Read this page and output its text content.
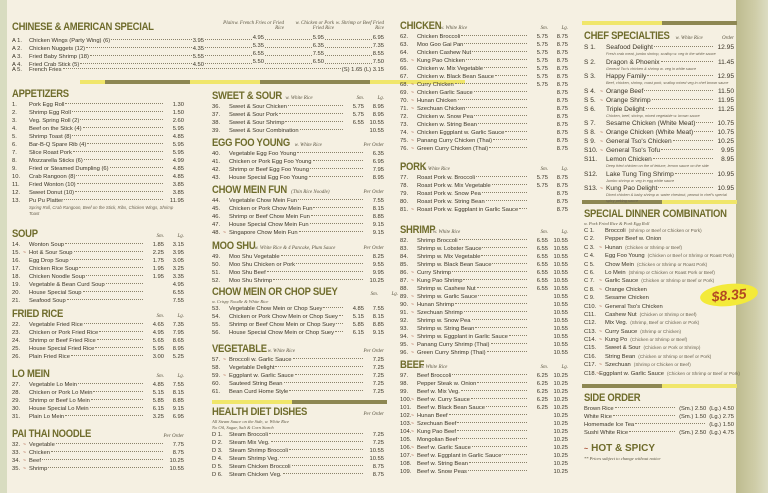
CHINESE & AMERICAN SPECIAL	Plain w. French Fries or Fried Rice
w. Chicken or Pork Fried Rice
w. Shrimp or Beef Fried Rice
A 1. Chicken Wings (Party Wing) (6)	3.95	4.95	5.95	6.95
A 2. Chicken Nuggets (12)	4.35	5.35	6.35	7.35
A 3. Fried Baby Shrimp (18)	5.55	6.55	7.55	8.55
A 4. Fried Crab Stick (5)	4.50	5.50	6.50	7.50
A 5. French Fries	(S) 1.65 (L) 3.15
APPETIZERS
1.	Pork Egg Roll	1.30
2.	Shrimp Egg Roll	1.50
3.	Veg. Spring Roll (2)	2.60
4.	Beef on the Stick (4)	5.95
5.	Shrimp Toast (8)	4.85
6.	Bar-B-Q Spare Rib (4)	5.95
7.	Slice Roast Pork	5.95
8.	Mozzarella Sticks (6)	4.99
9.	Fried or Steamed Dumpling (6)	4.85
10.	Crab Rangoon (8)	4.85
11.	Fried Wonton (10)	3.85
12.	Sweet Donut (10)	3.85
13.	Pu Pu Platter	11.95
Spring Roll, Crab Rangoon, Beef on the Stick, Ribs, Chicken Wings, Shrimp Toast
SOUP	Sm.	Lg.
14.	Wonton Soup	1.85	3.15
15. ~ Hot & Sour Soup	2.25	3.95
16.	Egg Drop Soup	1.75	3.05
17.	Chicken Rice Soup	1.95	3.25
18.	Chicken Noodle Soup	1.95	3.35
19.	Vegetable & Bean Curd Soup	4.95
20.	House Special Soup	6.55
21.	Seafood Soup	7.55
FRIED RICE	Sm.	Lg.
22.	Vegetable Fried Rice	4.65	7.35
23.	Chicken or Pork Fried Rice	4.95	7.95
24.	Shrimp or Beef Fried Rice	5.65	8.65
25.	House Special Fried Rice	5.95	8.95
26.	Plain Fried Rice	3.00	5.25
LO MEIN	Sm.	Lg.
27.	Vegetable Lo Mein	4.85	7.55
28.	Chicken or Pork Lo Mein	5.15	8.15
29.	Shrimp or Beef Lo Mein	5.85	8.85
30.	House Special Lo Mein	6.15	9.15
31.	Plain Lo Mein	3.25	6.95
PAI THAI NOODLE	Per Order
32. ~ Vegetable	7.75
33. ~ Chicken	8.75
34. ~ Beef	10.25
35. ~ Shrimp	10.55
SWEET & SOUR w. White Rice	Sm.	Lg.
36.	Sweet & Sour Chicken	5.75	8.95
37.	Sweet & Sour Pork	5.75	8.95
38.	Sweet & Sour Shrimp	6.55 10.55
39.	Sweet & Sour Combination	10.55
EGG FOO YOUNG w. White Rice	Per Order
40.	Vegetable Egg Foo Young	6.35
41.	Chicken or Pork Egg Foo Young	6.95
42.	Shrimp or Beef Egg Foo Young	7.95
43.	House Special Egg Foo Young	8.95
CHOW MEIN FUN (Thin Rice Noodle)	Per Order
44.	Vegetable Chow Mein Fun	7.55
45.	Chicken or Pork Chow Mein Fun	8.15
46.	Shrimp or Beef Chow Mein Fun	8.85
47.	House Special Chow Mein Fun	9.15
48. ~ Singapore Chow Mein Fun	9.15
MOO SHU w. White Rice & 4 Pancake, Plum Sauce	Per Order
49.	Moo Shu Vegetable	8.25
50.	Moo Shu Chicken or Pork	9.55
51.	Moo Shu Beef	9.95
52.	Moo Shu Shrimp	10.25
CHOW MEIN OR CHOP SUEY	Sm.	Lg.
w. Crispy Noodle & White Rice
53.	Vegetable Chow Mein or Chop Suey	4.85	7.55
54.	Chicken or Pork Chow Mein or Chop Suey	5.15	8.15
55.	Shrimp or Beef Chow Mein or Chop Suey	5.85	8.85
56.	House Special Chow Mein or Chop Suey	6.15	9.15
VEGETABLE w. White Rice	Per Order
57. ~ Broccoli w. Garlic Sauce	7.25
58.	Vegetable Delight	7.25
59. ~ Eggplant w. Garlic Sauce	7.25
60.	Sauteed String Bean	7.25
61.	Bean Curd Home Style	7.25
HEALTH DIET DISHES	Per Order
All Steam Sauce on the Side, w. White Rice
No Oil, Sugar, Salt & Corn Starch
D 1. Steam Broccoli	7.25
D 2. Steam Mix Veg.	7.25
D 3. Steam Shrimp Broccoli	10.55
D 4. Steam Shrimp Veg.	10.55
D 5. Steam Chicken Broccoli	8.75
D 6. Steam Chicken Veg.	8.75
CHICKEN
w. White Rice	Sm.	Lg.
62.	Chicken Broccoli	5.75	8.75
63.	Moo Goo Gai Pan	5.75	8.75
64.	Chicken Cashew Nut	5.75	8.75
65. ~ Kung Pao Chicken	5.75	8.75
66.	Chicken w. Mix Vegetable	5.75	8.75
67.	Chicken w. Black Bean Sauce	5.75	8.75
68. ~ Curry Chicken	5.75	8.75
69. ~ Chicken Garlic Sauce	8.75
70. ~ Hunan Chicken	8.75
71. ~ Szechuan Chicken	8.75
72.	Chicken w. Snow Pea	8.75
73.	Chicken w. String Bean	8.75
74. ~ Chicken Eggplant w. Garlic Sauce	8.75
75. ~ Panang Curry Chicken (Thai)	8.75
76. ~ Green Curry Chicken (Thai)	8.75
PORK
w. White Rice	Sm.	Lg.
77.	Roast Pork w. Broccoli	5.75	8.75
78.	Roast Pork w. Mix Vegetable	5.75	8.75
79.	Roast Pork w. Snow Pea	8.75
80.	Roast Pork w. String Bean	8.75
81. ~ Roast Pork w. Eggplant in Garlic Sauce	8.75
SHRIMP
w. White Rice	Sm.	Lg.
82.	Shrimp Broccoli	6.55 10.55
83.	Shrimp w. Lobster Sauce	6.55 10.55
84.	Shrimp w. Mix Vegetable	6.55 10.55
85.	Shrimp w. Black Bean Sauce	6.55 10.55
86. ~ Curry Shrimp	6.55 10.55
87. ~ Kung Pao Shrimp	6.55 10.55
88.	Shrimp w. Cashew Nut	6.55 10.55
89. ~ Shrimp w. Garlic Sauce	10.55
90. ~ Hunan Shrimp	10.55
91. ~ Szechuan Shrimp	10.55
92.	Shrimp w. Snow Pea	10.55
93.	Shrimp w. String Bean	10.55
94. ~ Shrimp w. Eggplant in Garlic Sauce	10.55
95. ~ Panang Curry Shrimp (Thai)	10.55
96. ~ Green Curry Shrimp (Thai)	10.55
BEEF
w. White Rice	Sm.	Lg.
97.	Beef Broccoli	6.25 10.25
98.	Pepper Steak w. Onion	6.25 10.25
99.	Beef w. Mix Veg.	6.25 10.25
100. ~ Beef w. Curry Sauce	6.25 10.25
101. Beef w. Black Bean Sauce	6.25 10.25
102. ~ Hunan Beef	10.25
103. ~ Szechuan Beef	10.25
104. ~ Kung Pao Beef	10.25
105. Mongolian Beef	10.25
106. ~ Beef w. Garlic Sauce	10.25
107. ~ Beef w. Eggplant in Garlic Sauce	10.25
108. Beef w. String Bean	10.25
109. Beef w. Snow Peas	10.25
CHEF SPECIALTIES w. White Rice	Order
S 1.	Seafood Delight	12.95
Fresh crab meat, jumbo shrimp, scallop w. veg in the white sauce
S 2.	Dragon & Phoenix	11.45
General Tso's chicken & shrimp w. veg in white sauce
S 3.	Happy Family	12.95
Beef, chicken, shrimp, roast pork, scallop mixed veg in chef brown sauce
S 4. ~ Orange Beef	11.50
S 5. ~ Orange Shrimp	11.95
S 6.	Triple Delight	11.25
Chicken, beef, shrimp, mixed vegetable w. brown sauce
S 7.	Sesame Chicken (White Meat)	10.75
S 8. ~ Orange Chicken (White Meat)	10.75
S 9. ~ General Tso's Chicken	10.25
S10. ~ General Tso's Tofu	9.95
S11.	Lemon Chicken	8.95
Deep fried chicken on the of lettuce, lemon sauce on the side
S12.	Lake Tung Ting Shrimp	10.95
Jumbo shrimp w. veg in egg white sauce
S13. ~ Kung Pao Delight	10.95
Diced chicken & baby shrimp w. water chestnut, peanut in chef's special spicy peking sauce
SPECIAL DINNER COMBINATION
w. Pork Fried Rice & Pork Egg Roll
C 1.	Broccoli (Shrimp or Beef or Chicken or Pork)
C 2.	Pepper Beef w. Onion
C 3. ~ Hunan (Chicken or Shrimp or Beef)
C 4.	Egg Foo Young (Chicken or Beef or Shrimp or Roast Pork)
C 5.	Chow Mein (Chicken or Shrimp or Roast Pork)
C 6.	Lo Mein (Shrimp or Chicken or Roast Pork or Beef)
C 7. ~ Garlic Sauce (Chicken or Shrimp or Beef or Pork)
C 8. ~ Orange Chicken
C 9.	Sesame Chicken
C10. ~ General Tso's Chicken
C11.	Cashew Nut (Chicken or Shrimp or Beef)
C12.	Mix Veg. (Shrimp, Beef or Chicken or Pork)
C13. ~ Curry Sauce (Shrimp or Chicken)
C14. ~ Kung Po (Chicken or Shrimp or Beef)
C15.	Sweet & Sour (Chicken or Pork or Shrimp)
C16.	String Bean (Chicken or Shrimp or Beef or Pork)
C17. ~ Szechuan (Shrimp or Chicken or Beef)
C18. ~ Eggplant w. Garlic Sauce (Chicken or Shrimp or Beef or Pork)
SIDE ORDER
Brown Rice	(Sm.) 2.50 (Lg.) 4.50
White Rice	(Sm.) 1.50 (Lg.) 2.75
Homemade Ice Tea	(Lg.) 1.50
Sushi White Rice	(Sm.) 2.50 (Lg.) 4.75
$8.35
~ HOT & SPICY
** Prices subject to change without notice
